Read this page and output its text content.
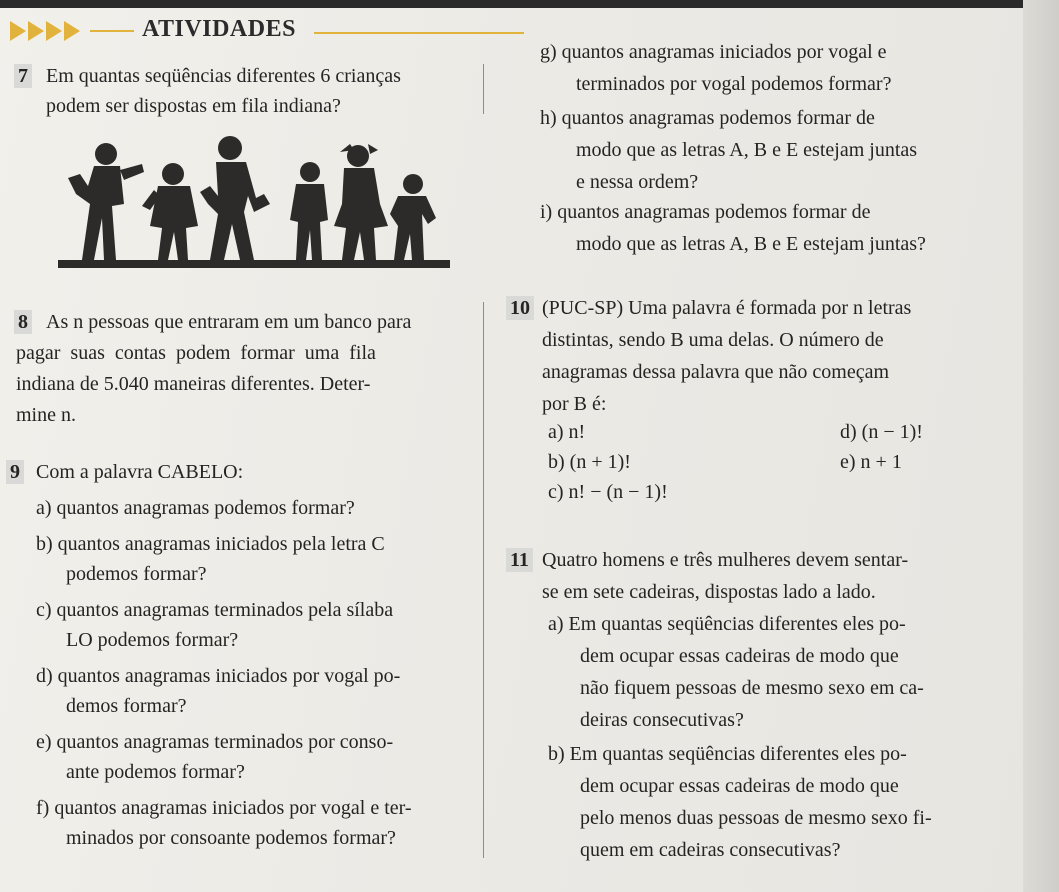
ATIVIDADES
7 Em quantas seqüências diferentes 6 crianças
podem ser dispostas em fila indiana?
8 As n pessoas que entraram em um banco para
pagar suas contas podem formar uma fila
indiana de 5.040 maneiras diferentes. Deter-
mine n.
9 Com a palavra CABELO:
a) quantos anagramas podemos formar?
b) quantos anagramas iniciados pela letra C
podemos formar?
c) quantos anagramas terminados pela sílaba
LO podemos formar?
d) quantos anagramas iniciados por vogal po-
demos formar?
e) quantos anagramas terminados por conso-
ante podemos formar?
f) quantos anagramas iniciados por vogal e ter-
minados por consoante podemos formar?
g) quantos anagramas iniciados por vogal e
terminados por vogal podemos formar?
h) quantos anagramas podemos formar de
modo que as letras A, B e E estejam juntas
e nessa ordem?
i) quantos anagramas podemos formar de
modo que as letras A, B e E estejam juntas?
10 (PUC-SP) Uma palavra é formada por n letras
distintas, sendo B uma delas. O número de
anagramas dessa palavra que não começam
por B é:
a) n!
b) (n + 1)!
c) n! − (n − 1)!
d) (n − 1)!
e) n + 1
11 Quatro homens e três mulheres devem sentar-
se em sete cadeiras, dispostas lado a lado.
a) Em quantas seqüências diferentes eles po-
dem ocupar essas cadeiras de modo que
não fiquem pessoas de mesmo sexo em ca-
deiras consecutivas?
b) Em quantas seqüências diferentes eles po-
dem ocupar essas cadeiras de modo que
pelo menos duas pessoas de mesmo sexo fi-
quem em cadeiras consecutivas?
